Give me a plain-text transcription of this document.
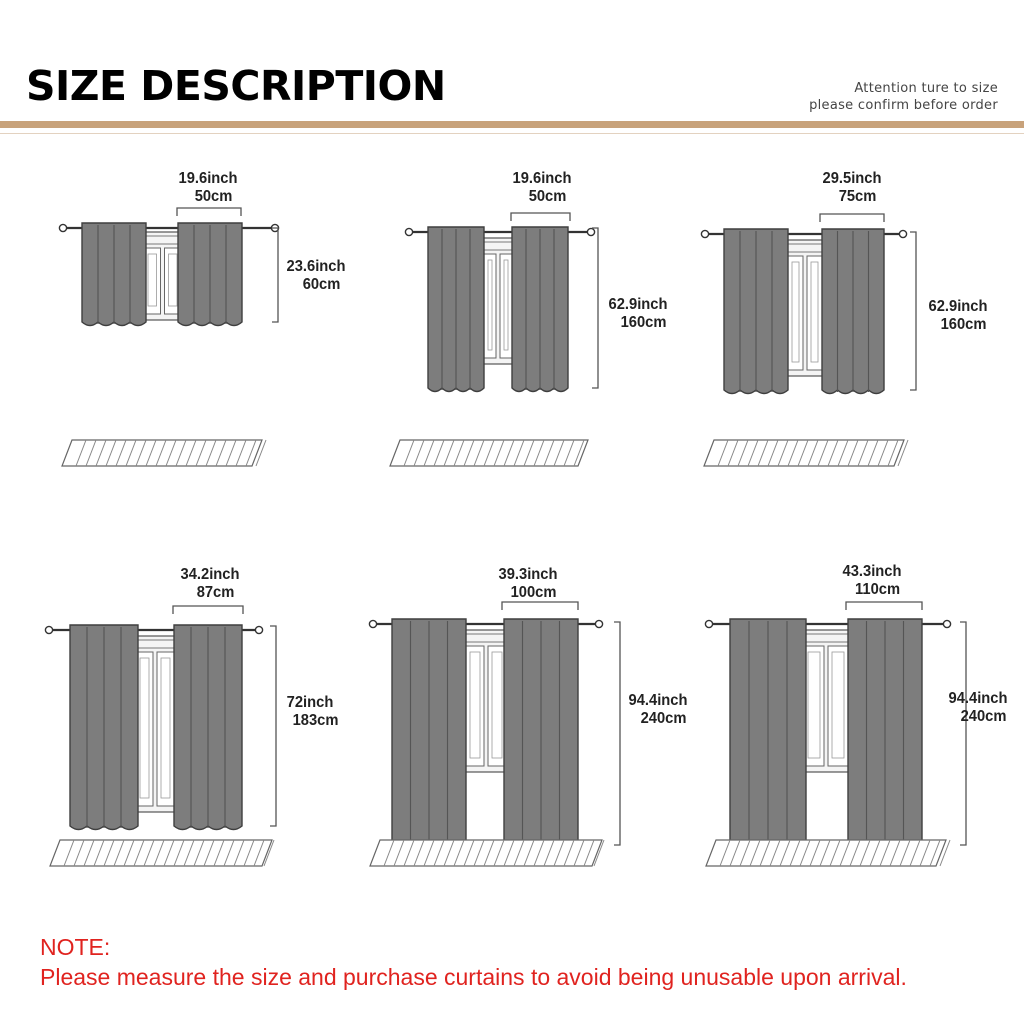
SIZE DESCRIPTION	Attention ture to size
please confirm before order
19.6inch
50cm
23.6inch
60cm
19.6inch
50cm
62.9inch
160cm
29.5inch
75cm
62.9inch
160cm
34.2inch
87cm
72inch
183cm
39.3inch
100cm
94.4inch
240cm
43.3inch
110cm
94.4inch
240cm
NOTE:
Please measure the size and purchase curtains to avoid being unusable upon arrival.
